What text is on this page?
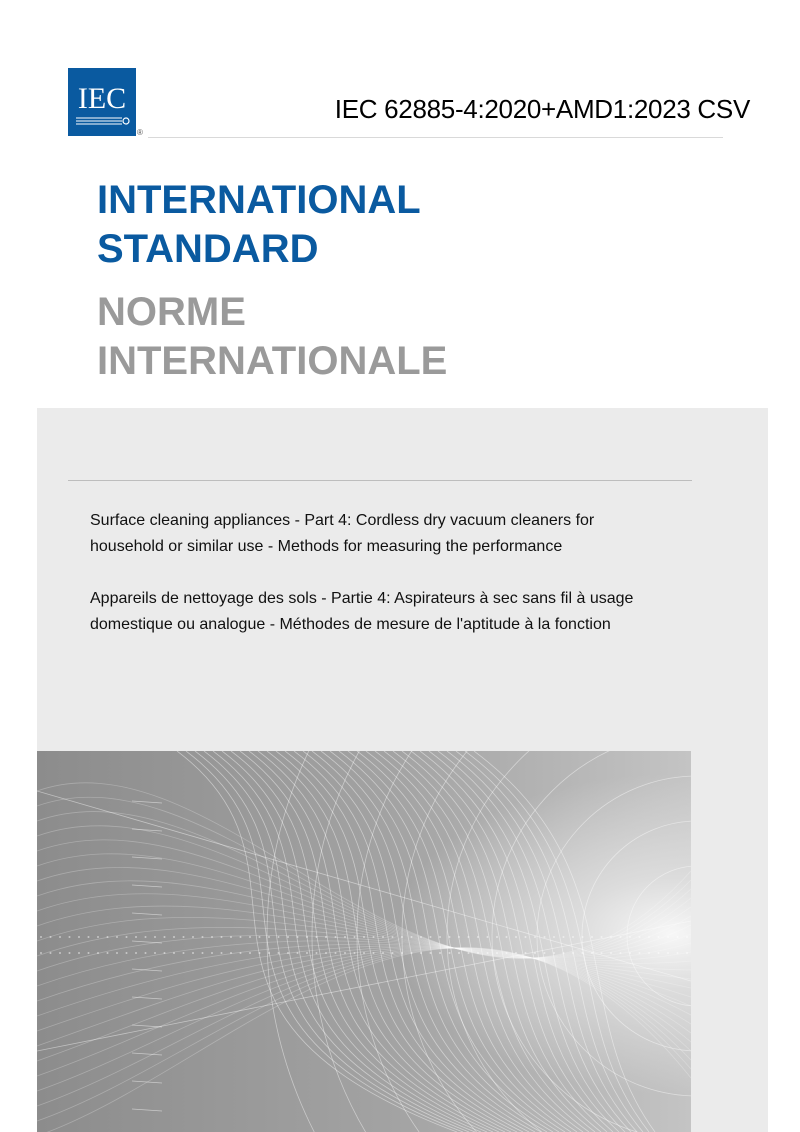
IEC
®
IEC 62885-4:2020+AMD1:2023 CSV
INTERNATIONAL
STANDARD
NORME
INTERNATIONALE

Surface cleaning appliances - Part 4: Cordless dry vacuum cleaners for
household or similar use - Methods for measuring the performance

Appareils de nettoyage des sols - Partie 4: Aspirateurs à sec sans fil à usage
domestique ou analogue - Méthodes de mesure de l'aptitude à la fonction
